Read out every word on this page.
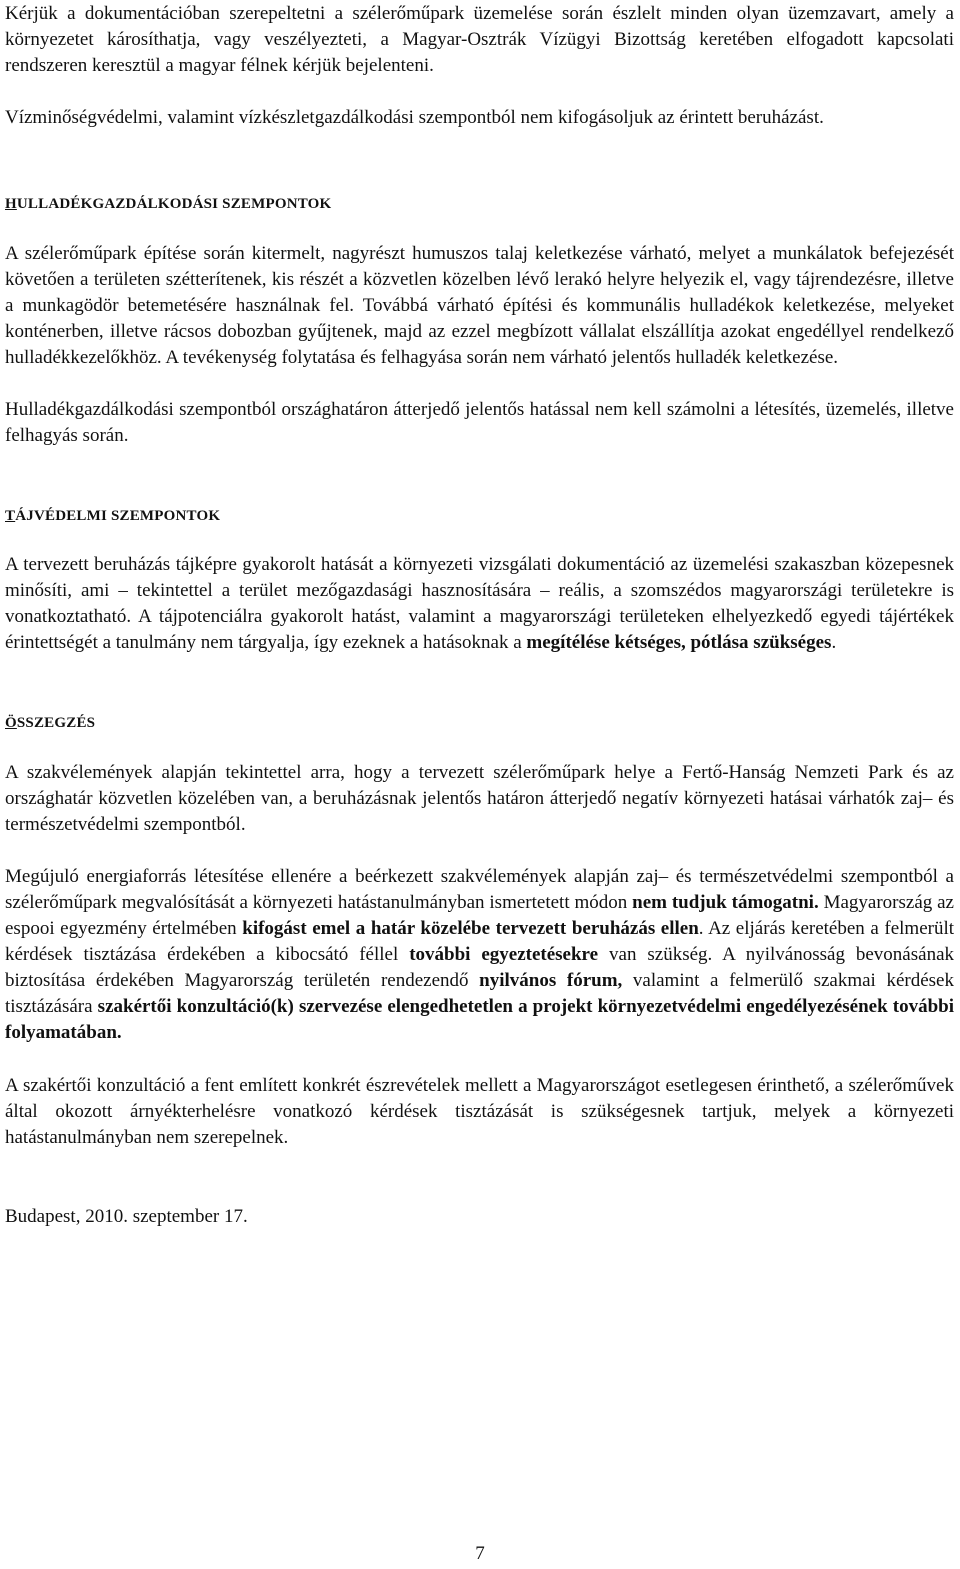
Kérjük a dokumentációban szerepeltetni a szélerőműpark üzemelése során észlelt minden olyan üzemzavart, amely a környezetet károsíthatja, vagy veszélyezteti, a Magyar-Osztrák Vízügyi Bizottság keretében elfogadott kapcsolati rendszeren keresztül a magyar félnek kérjük bejelenteni.

Vízminőségvédelmi, valamint vízkészletgazdálkodási szempontból nem kifogásoljuk az érintett beruházást.

HULLADÉKGAZDÁLKODÁSI SZEMPONTOK

A szélerőműpark építése során kitermelt, nagyrészt humuszos talaj keletkezése várható, melyet a munkálatok befejezését követően a területen szétterítenek, kis részét a közvetlen közelben lévő lerakó helyre helyezik el, vagy tájrendezésre, illetve a munkagödör betemetésére használnak fel. Továbbá várható építési és kommunális hulladékok keletkezése, melyeket konténerben, illetve rácsos dobozban gyűjtenek, majd az ezzel megbízott vállalat elszállítja azokat engedéllyel rendelkező hulladékkezelőkhöz. A tevékenység folytatása és felhagyása során nem várható jelentős hulladék keletkezése.

Hulladékgazdálkodási szempontból országhatáron átterjedő jelentős hatással nem kell számolni a létesítés, üzemelés, illetve felhagyás során.

TÁJVÉDELMI SZEMPONTOK

A tervezett beruházás tájképre gyakorolt hatását a környezeti vizsgálati dokumentáció az üzemelési szakaszban közepesnek minősíti, ami – tekintettel a terület mezőgazdasági hasznosítására – reális, a szomszédos magyarországi területekre is vonatkoztatható. A tájpotenciálra gyakorolt hatást, valamint a magyarországi területeken elhelyezkedő egyedi tájértékek érintettségét a tanulmány nem tárgyalja, így ezeknek a hatásoknak a megítélése kétséges, pótlása szükséges.

ÖSSZEGZÉS

A szakvélemények alapján tekintettel arra, hogy a tervezett szélerőműpark helye a Fertő-Hanság Nemzeti Park és az országhatár közvetlen közelében van, a beruházásnak jelentős határon átterjedő negatív környezeti hatásai várhatók zaj– és természetvédelmi szempontból.

Megújuló energiaforrás létesítése ellenére a beérkezett szakvélemények alapján zaj– és természetvédelmi szempontból a szélerőműpark megvalósítását a környezeti hatástanulmányban ismertetett módon nem tudjuk támogatni. Magyarország az espooi egyezmény értelmében kifogást emel a határ közelébe tervezett beruházás ellen. Az eljárás keretében a felmerült kérdések tisztázása érdekében a kibocsátó féllel további egyeztetésekre van szükség. A nyilvánosság bevonásának biztosítása érdekében Magyarország területén rendezendő nyilvános fórum, valamint a felmerülő szakmai kérdések tisztázására szakértői konzultáció(k) szervezése elengedhetetlen a projekt környezetvédelmi engedélyezésének további folyamatában.

A szakértői konzultáció a fent említett konkrét észrevételek mellett a Magyarországot esetlegesen érinthető, a szélerőművek által okozott árnyékterhelésre vonatkozó kérdések tisztázását is szükségesnek tartjuk, melyek a környezeti hatástanulmányban nem szerepelnek.

Budapest, 2010. szeptember 17.

7
